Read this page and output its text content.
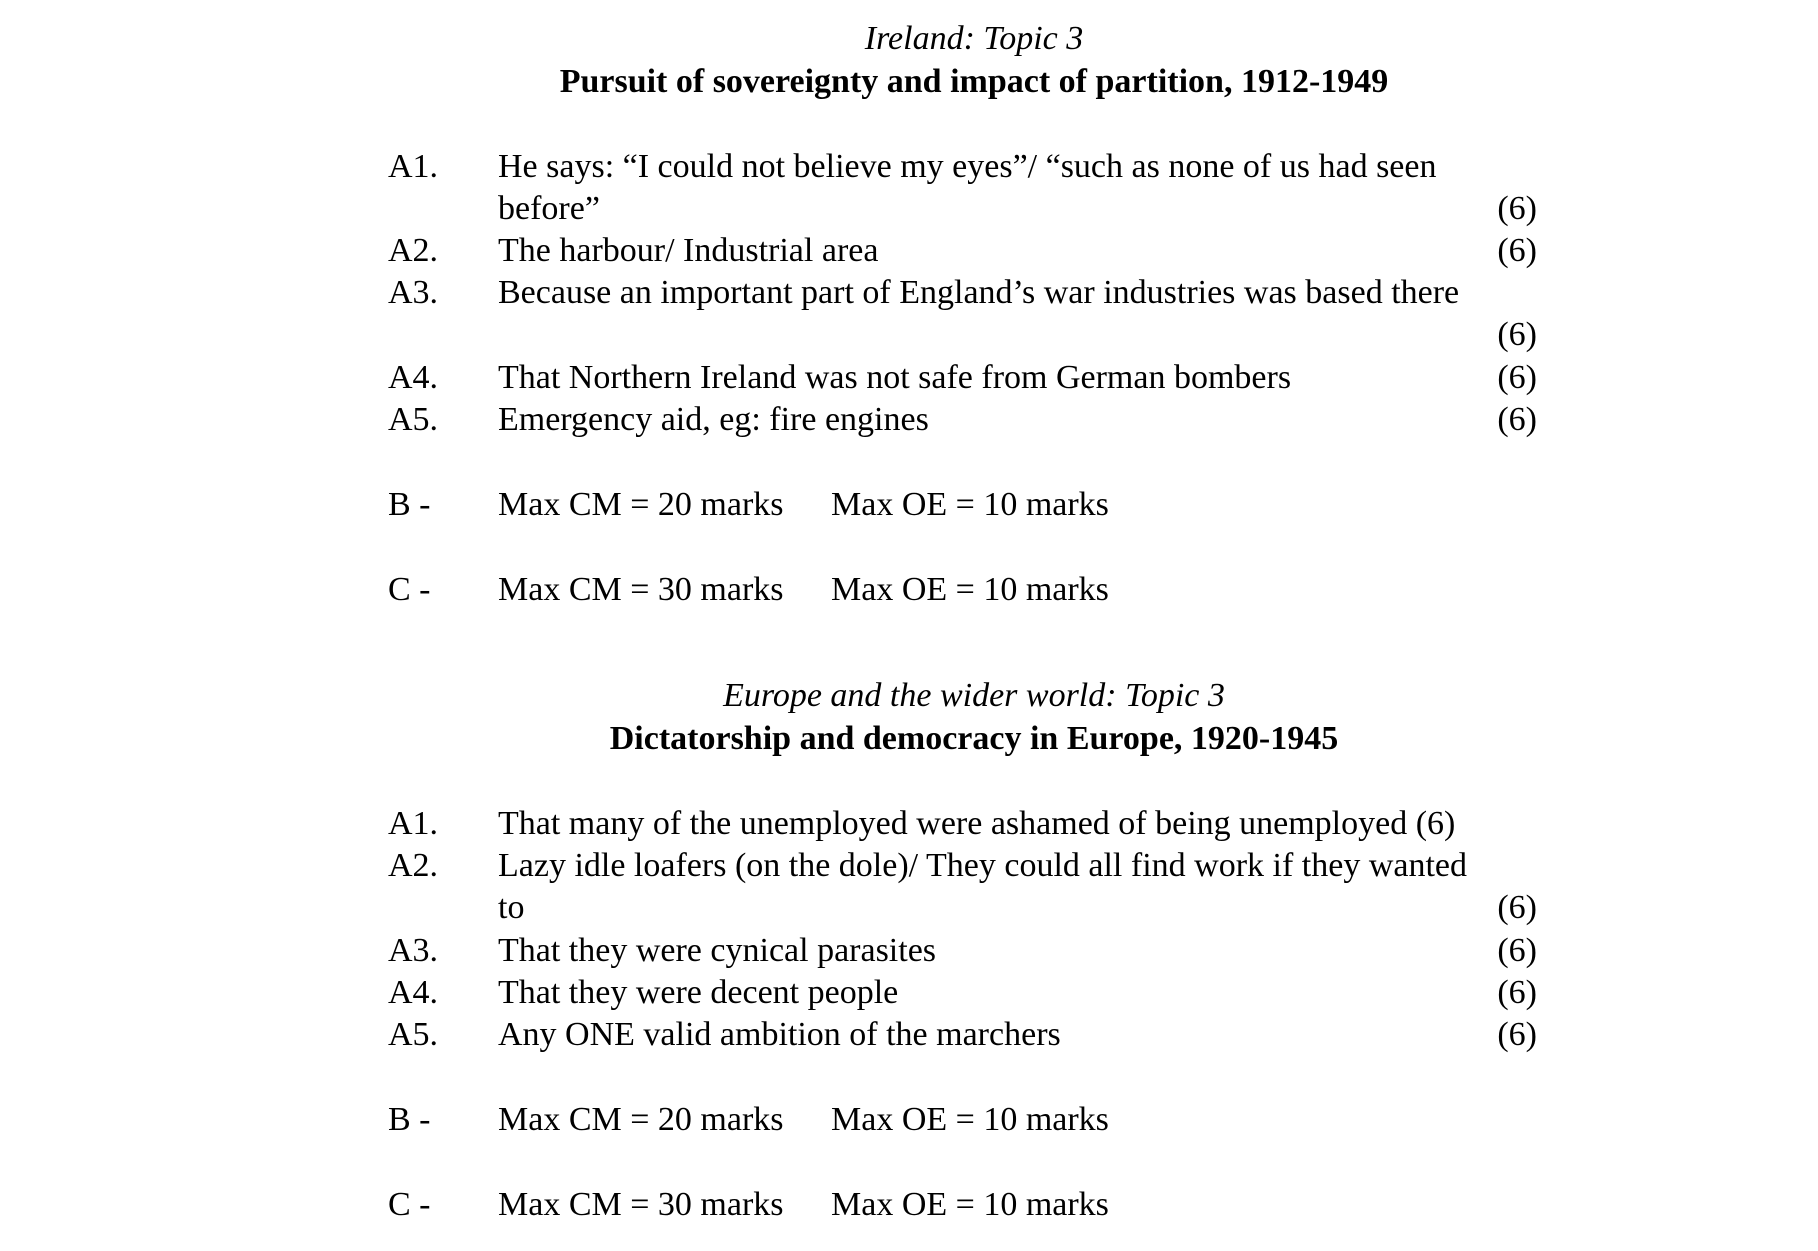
Ireland: Topic 3
Pursuit of sovereignty and impact of partition, 1912-1949
A1. He says: “I could not believe my eyes”/ “such as none of us had seen
before”	(6)
A2. The harbour/ Industrial area	(6)
A3. Because an important part of England’s war industries was based there
(6)
A4. That Northern Ireland was not safe from German bombers	(6)
A5. Emergency aid, eg: fire engines	(6)
B - Max CM = 20 marks Max OE = 10 marks
C - Max CM = 30 marks Max OE = 10 marks
Europe and the wider world: Topic 3
Dictatorship and democracy in Europe, 1920-1945
A1. That many of the unemployed were ashamed of being unemployed (6)
A2. Lazy idle loafers (on the dole)/ They could all find work if they wanted
to	(6)
A3. That they were cynical parasites	(6)
A4. That they were decent people	(6)
A5. Any ONE valid ambition of the marchers	(6)
B - Max CM = 20 marks Max OE = 10 marks
C - Max CM = 30 marks Max OE = 10 marks
